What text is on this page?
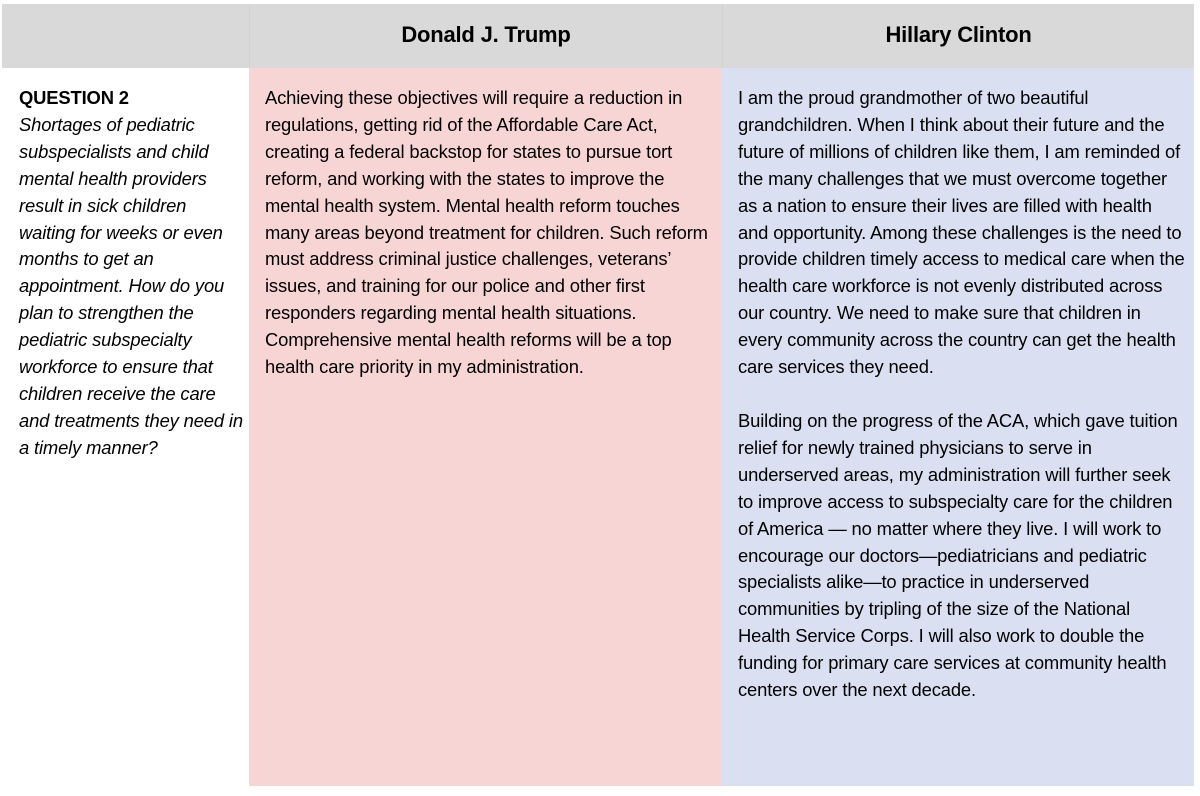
Donald J. Trump	Hillary Clinton
QUESTION 2
Shortages of pediatric subspecialists and child mental health providers result in sick children waiting for weeks or even months to get an appointment. How do you plan to strengthen the pediatric subspecialty workforce to ensure that children receive the care and treatments they need in a timely manner?

Achieving these objectives will require a reduction in regulations, getting rid of the Affordable Care Act, creating a federal backstop for states to pursue tort reform, and working with the states to improve the mental health system. Mental health reform touches many areas beyond treatment for children. Such reform must address criminal justice challenges, veterans’ issues, and training for our police and other first responders regarding mental health situations. Comprehensive mental health reforms will be a top health care priority in my administration.

I am the proud grandmother of two beautiful grandchildren. When I think about their future and the future of millions of children like them, I am reminded of the many challenges that we must overcome together as a nation to ensure their lives are filled with health and opportunity. Among these challenges is the need to provide children timely access to medical care when the health care workforce is not evenly distributed across our country. We need to make sure that children in every community across the country can get the health care services they need.

Building on the progress of the ACA, which gave tuition relief for newly trained physicians to serve in underserved areas, my administration will further seek to improve access to subspecialty care for the children of America — no matter where they live. I will work to encourage our doctors—pediatricians and pediatric specialists alike—to practice in underserved communities by tripling of the size of the National Health Service Corps. I will also work to double the funding for primary care services at community health centers over the next decade.
